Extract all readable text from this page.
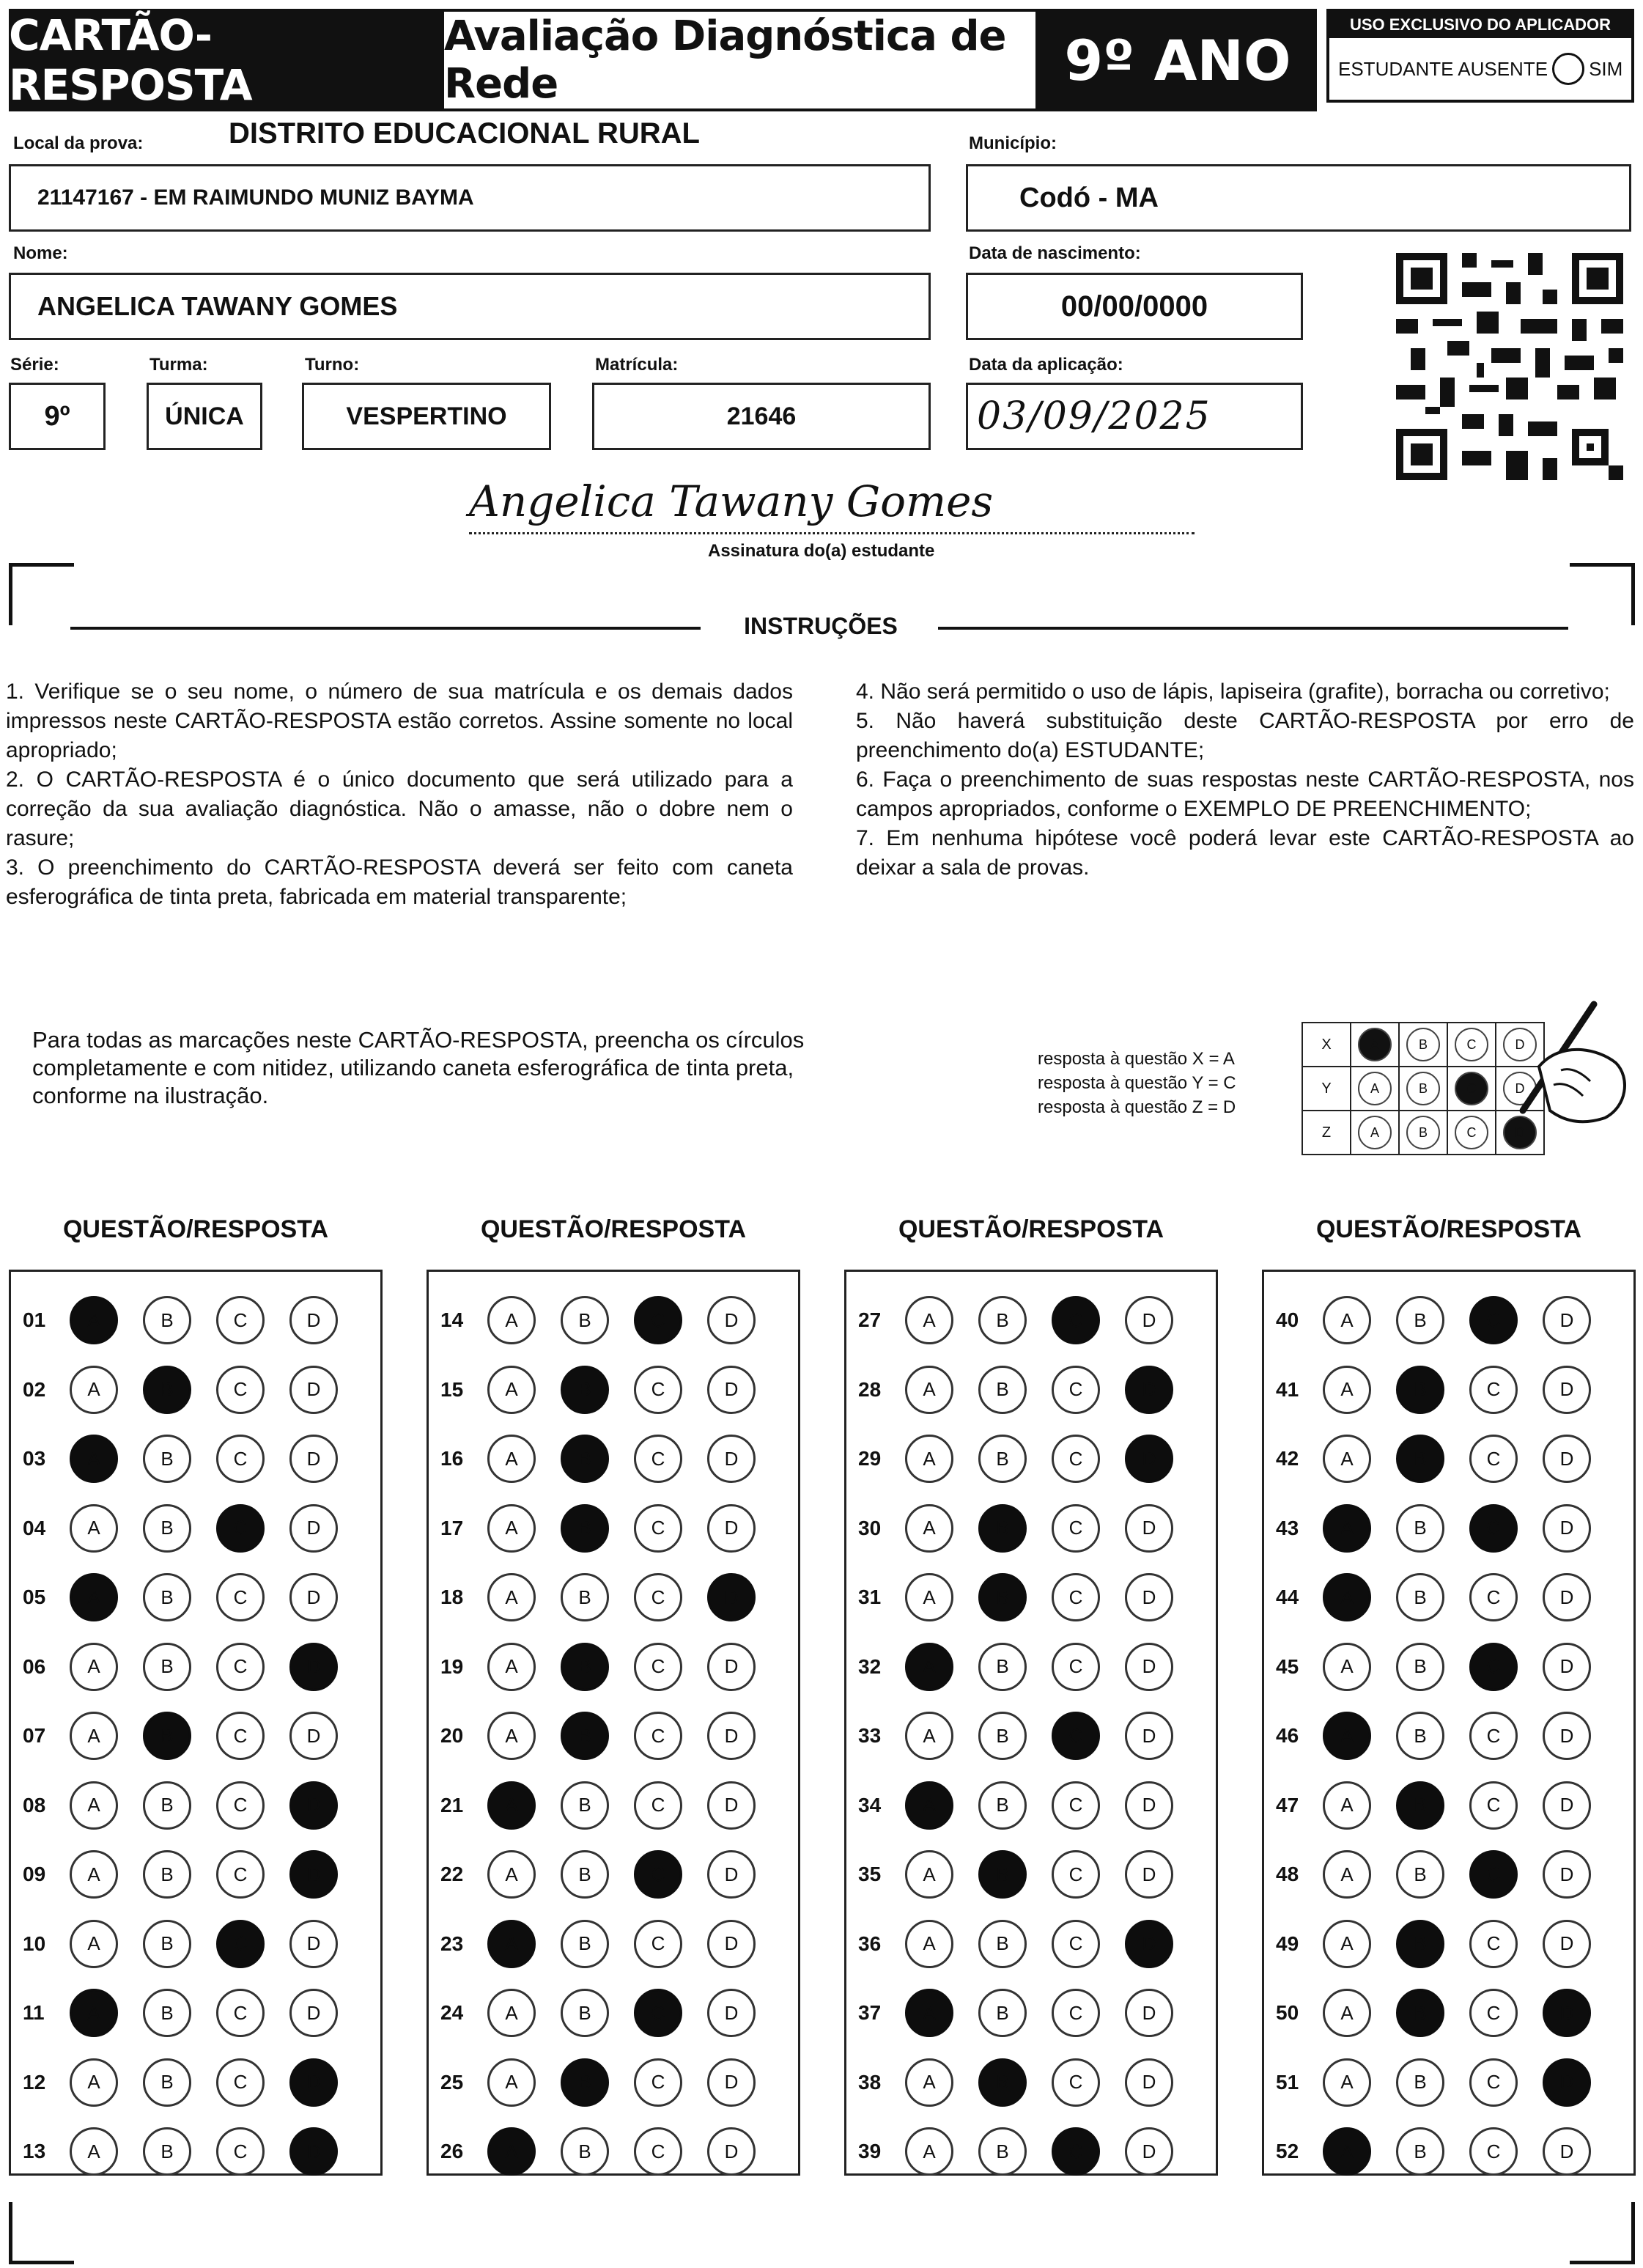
CARTÃO-RESPOSTA
Avaliação Diagnóstica de Rede	9º ANO
USO EXCLUSIVO DO APLICADOR
ESTUDANTE AUSENTE SIM
Local da prova:	DISTRITO EDUCACIONAL RURAL
21147167 - EM RAIMUNDO MUNIZ BAYMA
Município:
Codó - MA
Nome:
ANGELICA TAWANY GOMES
Data de nascimento:
00/00/0000
Série:
9º
Turma:
ÚNICA
Turno:
VESPERTINO
Matrícula:
21646
Data da aplicação:
03/09/2025
Angelica Tawany Gomes
Assinatura do(a) estudante
INSTRUÇÕES
1. Verifique se o seu nome, o número de sua matrícula e os demais dados impressos neste CARTÃO-RESPOSTA estão corretos. Assine somente no local apropriado;
2. O CARTÃO-RESPOSTA é o único documento que será utilizado para a correção da sua avaliação diagnóstica. Não o amasse, não o dobre nem o rasure;
3. O preenchimento do CARTÃO-RESPOSTA deverá ser feito com caneta esferográfica de tinta preta, fabricada em material transparente;
4. Não será permitido o uso de lápis, lapiseira (grafite), borracha ou corretivo;
5. Não haverá substituição deste CARTÃO-RESPOSTA por erro de preenchimento do(a) ESTUDANTE;
6. Faça o preenchimento de suas respostas neste CARTÃO-RESPOSTA, nos campos apropriados, conforme o EXEMPLO DE PREENCHIMENTO;
7. Em nenhuma hipótese você poderá levar este CARTÃO-RESPOSTA ao deixar a sala de provas.
Para todas as marcações neste CARTÃO-RESPOSTA, preencha os círculos completamente e com nitidez, utilizando caneta esferográfica de tinta preta, conforme na ilustração.
resposta à questão X = A
resposta à questão Y = C
resposta à questão Z = D
X	A	B	C	D
Y	A	B	C	D
Z	A	B	C	D
QUESTÃO/RESPOSTA
01	A	B	C	D
02	A	B	C	D
03	A	B	C	D
04	A	B	C	D
05	A	B	C	D
06	A	B	C	D
07	A	B	C	D
08	A	B	C	D
09	A	B	C	D
10	A	B	C	D
11	A	B	C	D
12	A	B	C	D
13	A	B	C	D
QUESTÃO/RESPOSTA
14	A	B	C	D
15	A	B	C	D
16	A	B	C	D
17	A	B	C	D
18	A	B	C	D
19	A	B	C	D
20	A	B	C	D
21	A	B	C	D
22	A	B	C	D
23	A	B	C	D
24	A	B	C	D
25	A	B	C	D
26	A	B	C	D
QUESTÃO/RESPOSTA
27	A	B	C	D
28	A	B	C	D
29	A	B	C	D
30	A	B	C	D
31	A	B	C	D
32	A	B	C	D
33	A	B	C	D
34	A	B	C	D
35	A	B	C	D
36	A	B	C	D
37	A	B	C	D
38	A	B	C	D
39	A	B	C	D
QUESTÃO/RESPOSTA
40	A	B	C	D
41	A	B	C	D
42	A	B	C	D
43	A	B	C	D
44	A	B	C	D
45	A	B	C	D
46	A	B	C	D
47	A	B	C	D
48	A	B	C	D
49	A	B	C	D
50	A	B	C	D
51	A	B	C	D
52	A	B	C	D
